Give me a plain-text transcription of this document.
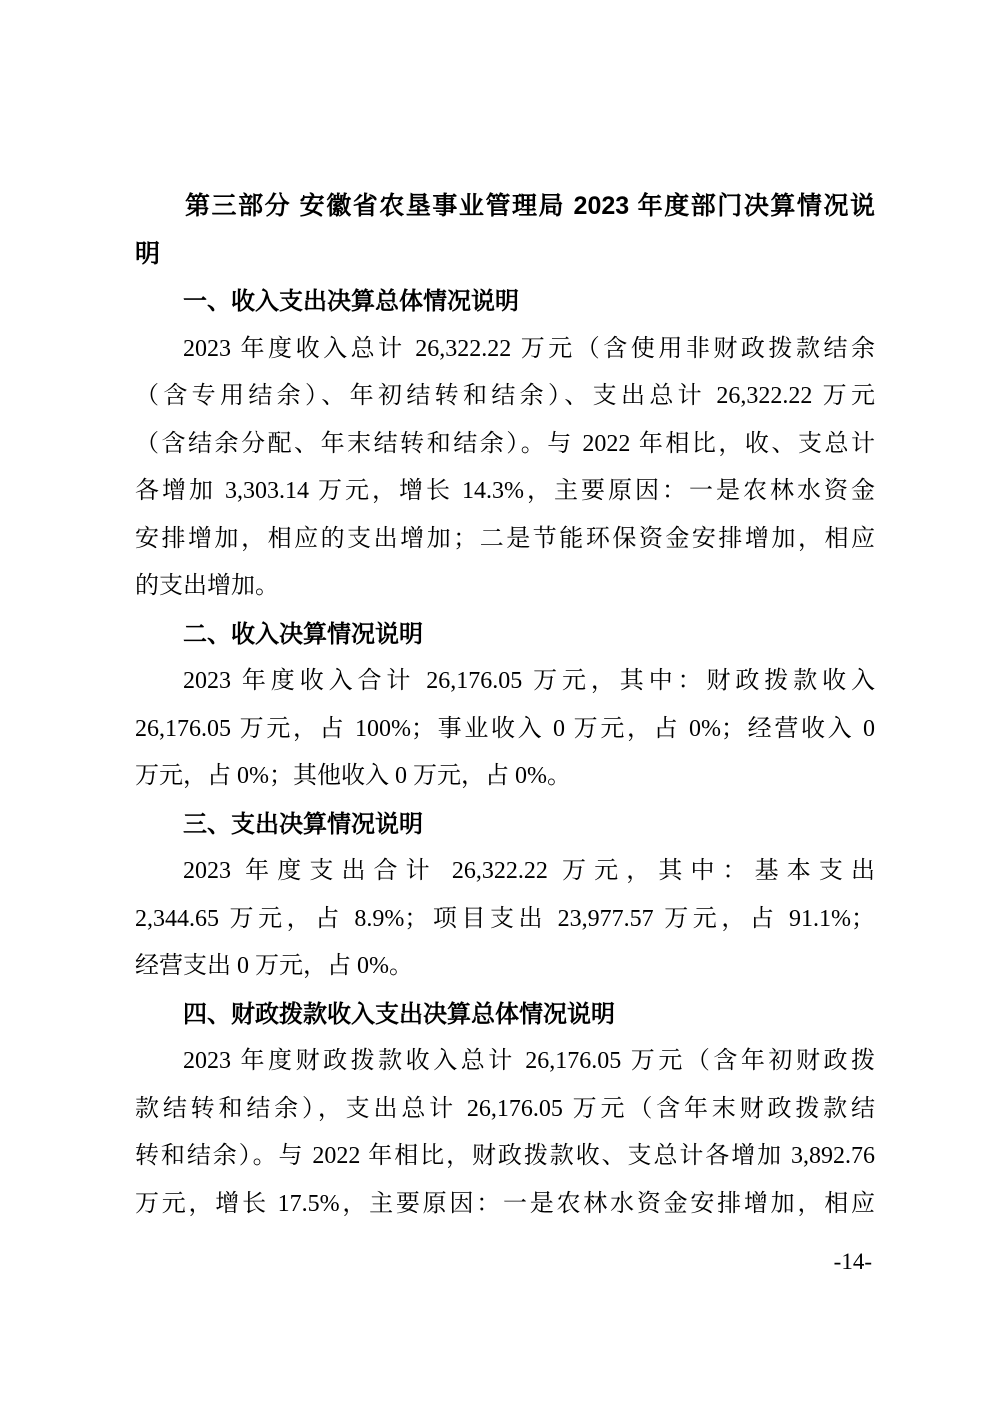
第三部分 安徽省农垦事业管理局 2023 年度部门决算情况说
明
一、收入支出决算总体情况说明
2023 年度收入总计 26,322.22 万元（含使用非财政拨款结余
（含专用结余）、年初结转和结余）、支出总计 26,322.22 万元
（含结余分配、年末结转和结余）。与 2022 年相比，收、支总计
各增加 3,303.14 万元，增长 14.3%，主要原因：一是农林水资金
安排增加，相应的支出增加；二是节能环保资金安排增加，相应
的支出增加。
二、收入决算情况说明
2023 年度收入合计 26,176.05 万元，其中：财政拨款收入
26,176.05 万元，占 100%；事业收入 0 万元，占 0%；经营收入 0
万元，占 0%；其他收入 0 万元，占 0%。
三、支出决算情况说明
2023 年度支出合计 26,322.22 万元，其中：基本支出
2,344.65 万元，占 8.9%；项目支出 23,977.57 万元，占 91.1%；
经营支出 0 万元，占 0%。
四、财政拨款收入支出决算总体情况说明
2023 年度财政拨款收入总计 26,176.05 万元（含年初财政拨
款结转和结余），支出总计 26,176.05 万元（含年末财政拨款结
转和结余）。与 2022 年相比，财政拨款收、支总计各增加 3,892.76
万元，增长 17.5%，主要原因：一是农林水资金安排增加，相应
-14-
